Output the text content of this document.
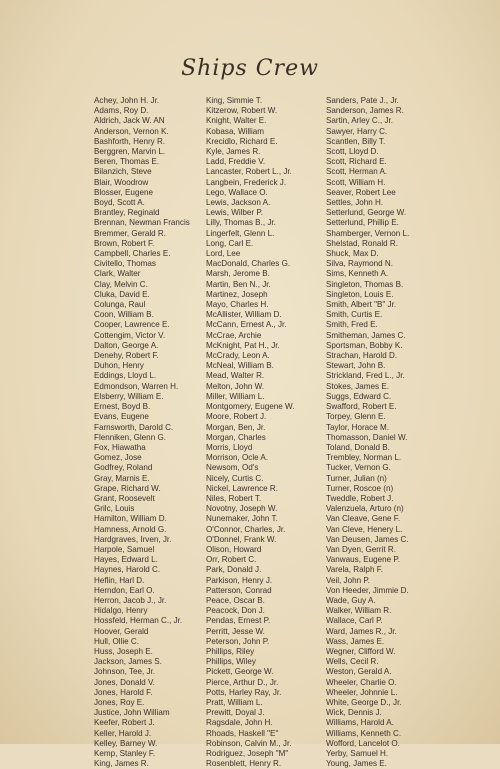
Ships Crew
Achey, John H. Jr.
Adams, Roy D.
Aldrich, Jack W. AN
Anderson, Vernon K.
Bashforth, Henry R.
Berggren, Marvin L.
Beren, Thomas E.
Bilanzich, Steve
Blair, Woodrow
Blosser, Eugene
Boyd, Scott A.
Brantley, Reginald
Brennan, Newman Francis
Bremmer, Gerald R.
Brown, Robert F.
Campbell, Charles E.
Civitello, Thomas
Clark, Walter
Clay, Melvin C.
Cluka, David E.
Colunga, Raul
Coon, William B.
Cooper, Lawrence E.
Cottengim, Victor V.
Dalton, George A.
Denehy, Robert F.
Duhon, Henry
Eddings, Lloyd L.
Edmondson, Warren H.
Elsberry, William E.
Ernest, Boyd B.
Evans, Eugene
Farnsworth, Darold C.
Flenniken, Glenn G.
Fox, Hiawatha
Gomez, Jose
Godfrey, Roland
Gray, Marnis E.
Grape, Richard W.
Grant, Roosevelt
Grilc, Louis
Hamilton, William D.
Hamness, Arnold G.
Hardgraves, Irven, Jr.
Harpole, Samuel
Hayes, Edward L.
Haynes, Harold C.
Heflin, Harl D.
Herndon, Earl O.
Herron, Jacob J., Jr.
Hidalgo, Henry
Hossfeld, Herman C., Jr.
Hoover, Gerald
Hull, Ollie C.
Huss, Joseph E.
Jackson, James S.
Johnson, Tee, Jr.
Jones, Donald V.
Jones, Harold F.
Jones, Roy E.
Justice, John William
Keefer, Robert J.
Keller, Harold J.
Kelley, Barney W.
Kemp, Stanley F.
King, James R.
King, Simmie T.
Kitzerow, Robert W.
Knight, Walter E.
Kobasa, William
Krecidlo, Richard E.
Kyle, James R.
Ladd, Freddie V.
Lancaster, Robert L., Jr.
Langbein, Frederick J.
Lego, Wallace O.
Lewis, Jackson A.
Lewis, Wilber P.
Lilly, Thomas B., Jr.
Lingerfelt, Glenn L.
Long, Carl E.
Lord, Lee
MacDonald, Charles G.
Marsh, Jerome B.
Martin, Ben N., Jr.
Martinez, Joseph
Mayo, Charles H.
McAllister, William D.
McCann, Ernest A., Jr.
McCrae, Archie
McKnight, Pat H., Jr.
McCrady, Leon A.
McNeal, William B.
Mead, Walter R.
Melton, John W.
Miller, William L.
Montgomery, Eugene W.
Moore, Robert J.
Morgan, Ben, Jr.
Morgan, Charles
Morris, Lloyd
Morrison, Ocle A.
Newsom, Od's
Nicely, Curtis C.
Nickel, Lawrence R.
Niles, Robert T.
Novotny, Joseph W.
Nunemaker, John T.
O'Connor, Charles, Jr.
O'Donnel, Frank W.
Olison, Howard
Orr, Robert C.
Park, Donald J.
Parkison, Henry J.
Patterson, Conrad
Peace, Oscar B.
Peacock, Don J.
Pendas, Ernest P.
Perritt, Jesse W.
Peterson, John P.
Phillips, Riley
Phillips, Wiley
Pickett, George W.
Pierce, Arthur D., Jr.
Potts, Harley Ray, Jr.
Pratt, William L.
Prewitt, Doyal J.
Ragsdale, John H.
Rhoads, Haskell "E"
Robinson, Calvin M., Jr.
Rodriguez, Joseph "M"
Rosenblett, Henry R.
Sanders, Pate J., Jr.
Sanderson, James R.
Sartin, Arley C., Jr.
Sawyer, Harry C.
Scantlen, Billy T.
Scott, Lloyd D.
Scott, Richard E.
Scott, Herman A.
Scott, William H.
Seaver, Robert Lee
Settles, John H.
Setterlund, George W.
Setterlund, Phillip E.
Shamberger, Vernon L.
Shelstad, Ronald R.
Shuck, Max D.
Silva, Raymond N.
Sims, Kenneth A.
Singleton, Thomas B.
Singleton, Louis E.
Smith, Albert "B" Jr.
Smith, Curtis E.
Smith, Fred E.
Smitheman, James C.
Sportsman, Bobby K.
Strachan, Harold D.
Stewart, John B.
Strickland, Fred L., Jr.
Stokes, James E.
Suggs, Edward C.
Swafford, Robert E.
Torpey, Glenn E.
Taylor, Horace M.
Thomasson, Daniel W.
Toland, Donald B.
Trembley, Norman L.
Tucker, Vernon G.
Turner, Julian (n)
Turner, Roscoe (n)
Tweddle, Robert J.
Valenzuela, Arturo (n)
Van Cleave, Gene F.
Van Cleve, Henery L.
Van Deusen, James C.
Van Dyen, Gerrit R.
Vanwaus, Eugene P.
Varela, Ralph F.
Veil, John P.
Von Heeder, Jimmie D.
Wade, Guy A.
Walker, William R.
Wallace, Carl P.
Ward, James R., Jr.
Wass, James E.
Wegner, Clifford W.
Wells, Cecil R.
Weston, Gerald A.
Wheeler, Charlie O.
Wheeler, Johnnie L.
White, George D., Jr.
Wick, Dennis J.
Williams, Harold A.
Williams, Kenneth C.
Wofford, Lancelot O.
Yerby, Samuel H.
Young, James E.
